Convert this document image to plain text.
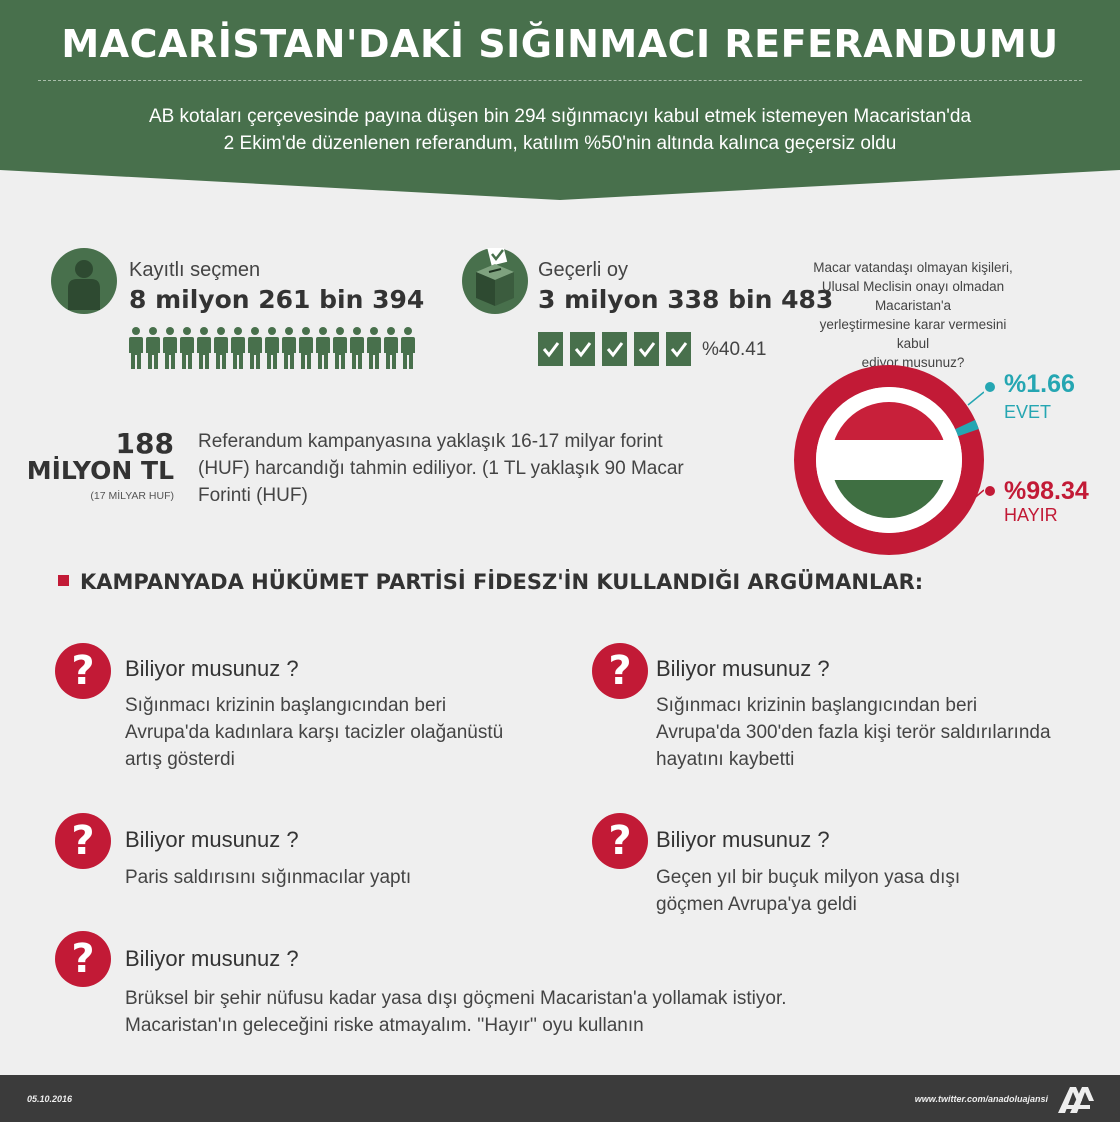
MACARİSTAN'DAKİ SIĞINMACI REFERANDUMU
AB kotaları çerçevesinde payına düşen bin 294 sığınmacıyı kabul etmek istemeyen Macaristan'da
2 Ekim'de düzenlenen referandum, katılım %50'nin altında kalınca geçersiz oldu
Kayıtlı seçmen
8 milyon 261 bin 394
Geçerli oy
3 milyon 338 bin 483
%40.41
Macar vatandaşı olmayan kişileri,
Ulusal Meclisin onayı olmadan Macaristan'a
yerleştirmesine karar vermesini kabul
ediyor musunuz?
%1.66
EVET
%98.34
HAYIR
188
MİLYON TL
(17 MİLYAR HUF)
Referandum kampanyasına yaklaşık 16-17 milyar forint
(HUF) harcandığı tahmin ediliyor. (1 TL yaklaşık 90 Macar
Forinti (HUF)
KAMPANYADA HÜKÜMET PARTİSİ FİDESZ'İN KULLANDIĞI ARGÜMANLAR:
?	Biliyor musunuz ?
Sığınmacı krizinin başlangıcından beri
Avrupa'da kadınlara karşı tacizler olağanüstü
artış gösterdi
?	Biliyor musunuz ?
Sığınmacı krizinin başlangıcından beri
Avrupa'da 300'den fazla kişi terör saldırılarında
hayatını kaybetti
?	Biliyor musunuz ?
Paris saldırısını sığınmacılar yaptı
?	Biliyor musunuz ?
Geçen yıl bir buçuk milyon yasa dışı
göçmen Avrupa'ya geldi
?	Biliyor musunuz ?
Brüksel bir şehir nüfusu kadar yasa dışı göçmeni Macaristan'a yollamak istiyor.
Macaristan'ın geleceğini riske atmayalım. ''Hayır'' oyu kullanın
05.10.2016	www.twitter.com/anadoluajansi
